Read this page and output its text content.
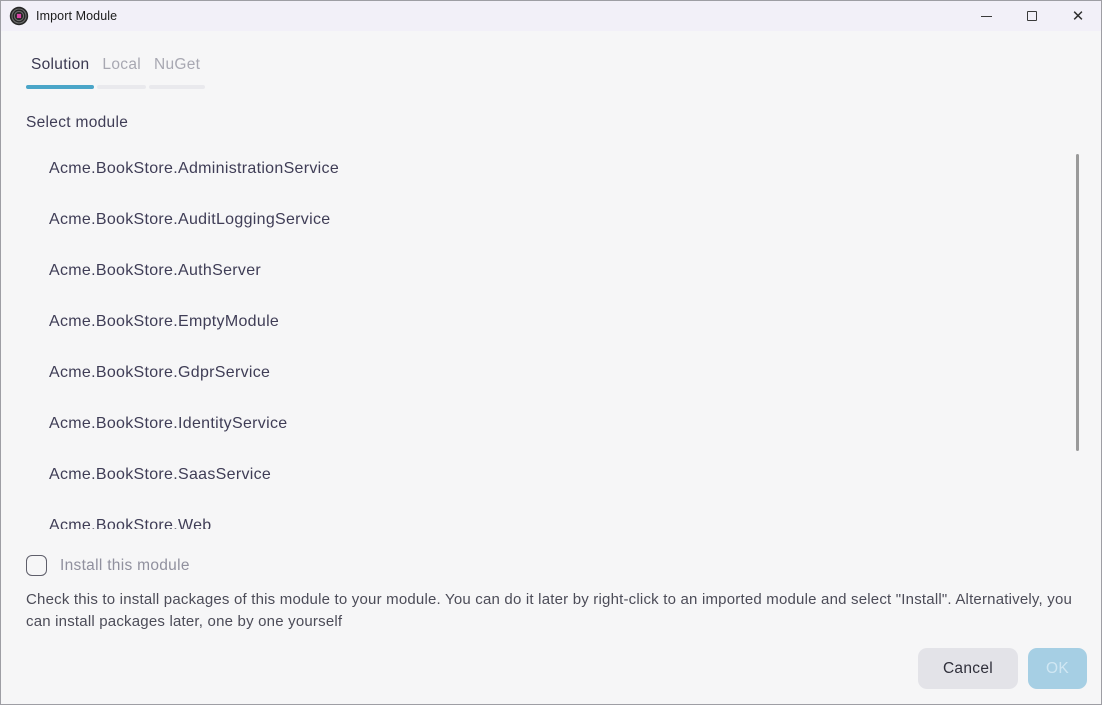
Import Module	✕
Solution Local NuGet
Select module
Acme.BookStore.AdministrationService
Acme.BookStore.AuditLoggingService
Acme.BookStore.AuthServer
Acme.BookStore.EmptyModule
Acme.BookStore.GdprService
Acme.BookStore.IdentityService
Acme.BookStore.SaasService
Acme.BookStore.Web
Install this module
Check this to install packages of this module to your module. You can do it later by right-click to an imported module and select "Install". Alternatively, you can install packages later, one by one yourself
Cancel	OK
